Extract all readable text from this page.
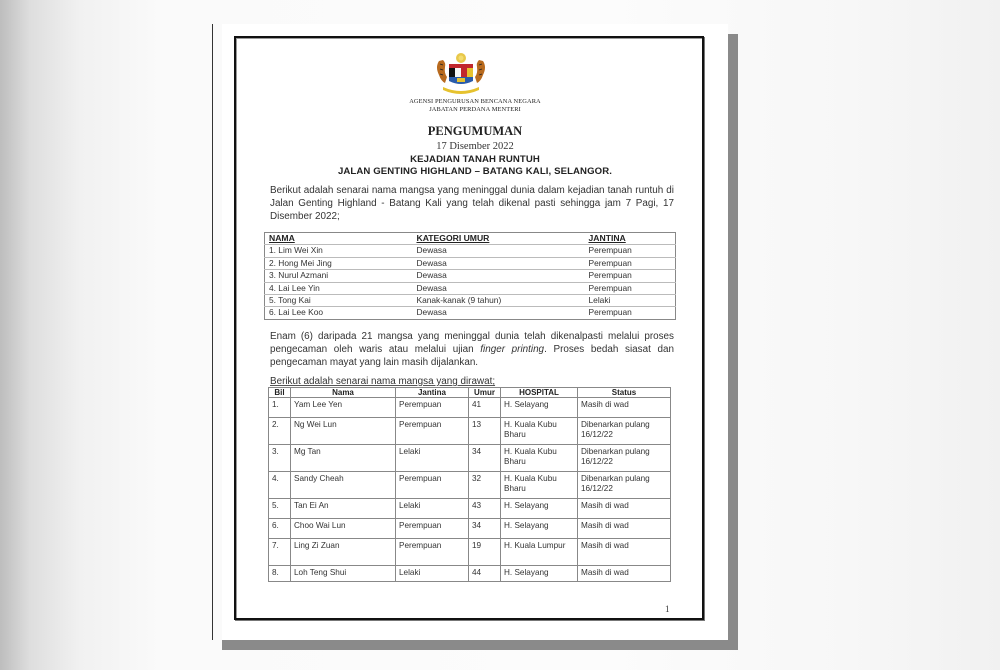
AGENSI PENGURUSAN BENCANA NEGARA
JABATAN PERDANA MENTERI
PENGUMUMAN
17 Disember 2022
KEJADIAN TANAH RUNTUH
JALAN GENTING HIGHLAND – BATANG KALI, SELANGOR.
Berikut adalah senarai nama mangsa yang meninggal dunia dalam kejadian tanah runtuh di Jalan Genting Highland - Batang Kali yang telah dikenal pasti sehingga jam 7 Pagi, 17 Disember 2022;
NAMA	KATEGORI UMUR	JANTINA
1. Lim Wei Xin	Dewasa	Perempuan
2. Hong Mei Jing	Dewasa	Perempuan
3. Nurul Azmani	Dewasa	Perempuan
4. Lai Lee Yin	Dewasa	Perempuan
5. Tong Kai	Kanak-kanak (9 tahun)	Lelaki
6. Lai Lee Koo	Dewasa	Perempuan
Enam (6) daripada 21 mangsa yang meninggal dunia telah dikenalpasti melalui proses pengecaman oleh waris atau melalui ujian finger printing. Proses bedah siasat dan pengecaman mayat yang lain masih dijalankan.
Berikut adalah senarai nama mangsa yang dirawat;
Bil	Nama	Jantina	Umur	HOSPITAL	Status
1.	Yam Lee Yen	Perempuan	41	H. Selayang	Masih di wad
2.	Ng Wei Lun	Perempuan	13	H. Kuala Kubu Bharu	Dibenarkan pulang 16/12/22
3.	Mg Tan	Lelaki	34	H. Kuala Kubu Bharu	Dibenarkan pulang 16/12/22
4.	Sandy Cheah	Perempuan	32	H. Kuala Kubu Bharu	Dibenarkan pulang 16/12/22
5.	Tan Ei An	Lelaki	43	H. Selayang	Masih di wad
6.	Choo Wai Lun	Perempuan	34	H. Selayang	Masih di wad
7.	Ling Zi Zuan	Perempuan	19	H. Kuala Lumpur	Masih di wad
8.	Loh Teng Shui	Lelaki	44	H. Selayang	Masih di wad
1
